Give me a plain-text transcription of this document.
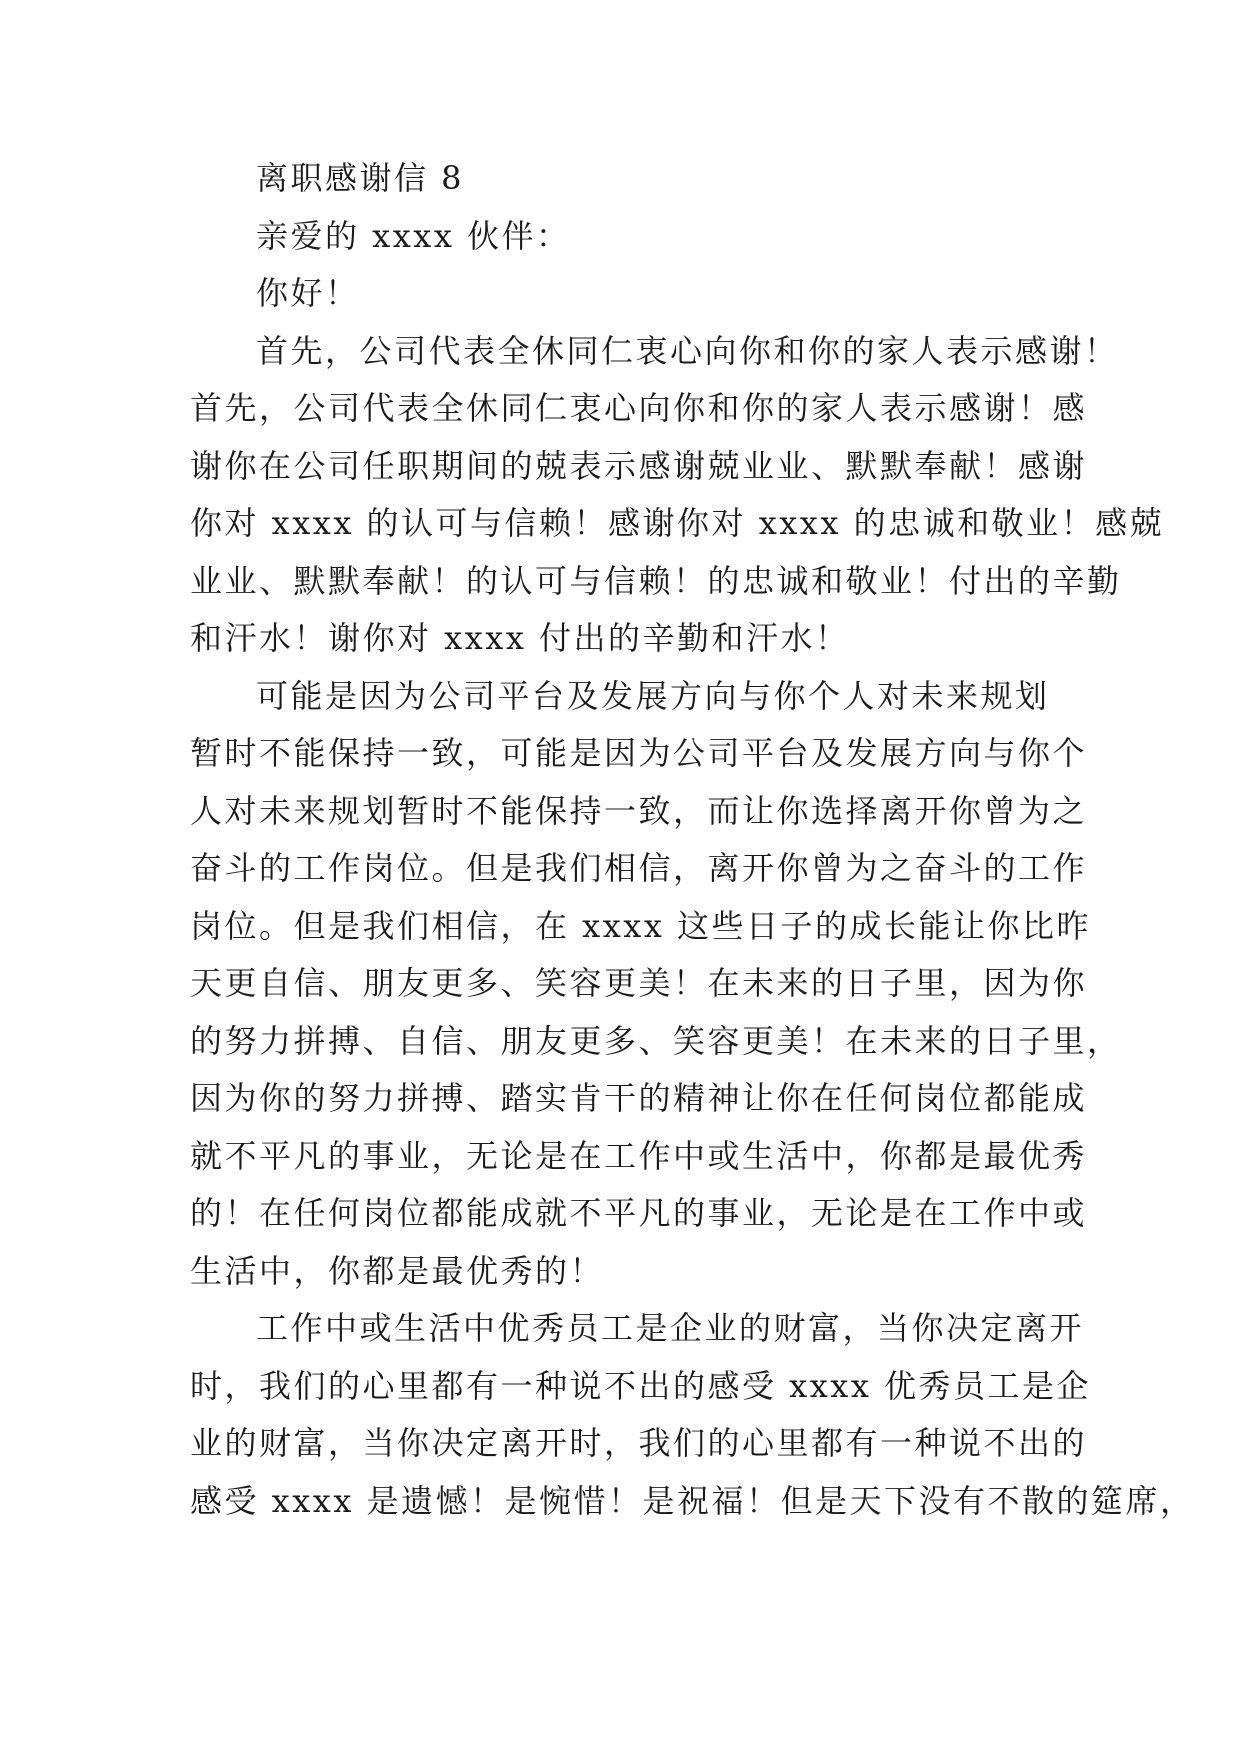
离职感谢信 8

亲爱的 xxxx 伙伴：

你好！

首先，公司代表全休同仁衷心向你和你的家人表示感谢！

首先，公司代表全休同仁衷心向你和你的家人表示感谢！感

谢你在公司任职期间的兢表示感谢兢业业、默默奉献！感谢

你对 xxxx 的认可与信赖！感谢你对 xxxx 的忠诚和敬业！感兢

业业、默默奉献！的认可与信赖！的忠诚和敬业！付出的辛勤

和汗水！谢你对 xxxx 付出的辛勤和汗水！

可能是因为公司平台及发展方向与你个人对未来规划

暂时不能保持一致，可能是因为公司平台及发展方向与你个

人对未来规划暂时不能保持一致，而让你选择离开你曾为之

奋斗的工作岗位。但是我们相信，离开你曾为之奋斗的工作

岗位。但是我们相信，在 xxxx 这些日子的成长能让你比昨

天更自信、朋友更多、笑容更美！在未来的日子里，因为你

的努力拼搏、自信、朋友更多、笑容更美！在未来的日子里，

因为你的努力拼搏、踏实肯干的精神让你在任何岗位都能成

就不平凡的事业，无论是在工作中或生活中，你都是最优秀

的！在任何岗位都能成就不平凡的事业，无论是在工作中或

生活中，你都是最优秀的！

工作中或生活中优秀员工是企业的财富，当你决定离开

时，我们的心里都有一种说不出的感受 xxxx 优秀员工是企

业的财富，当你决定离开时，我们的心里都有一种说不出的

感受 xxxx 是遗憾！是惋惜！是祝福！但是天下没有不散的筵席，
